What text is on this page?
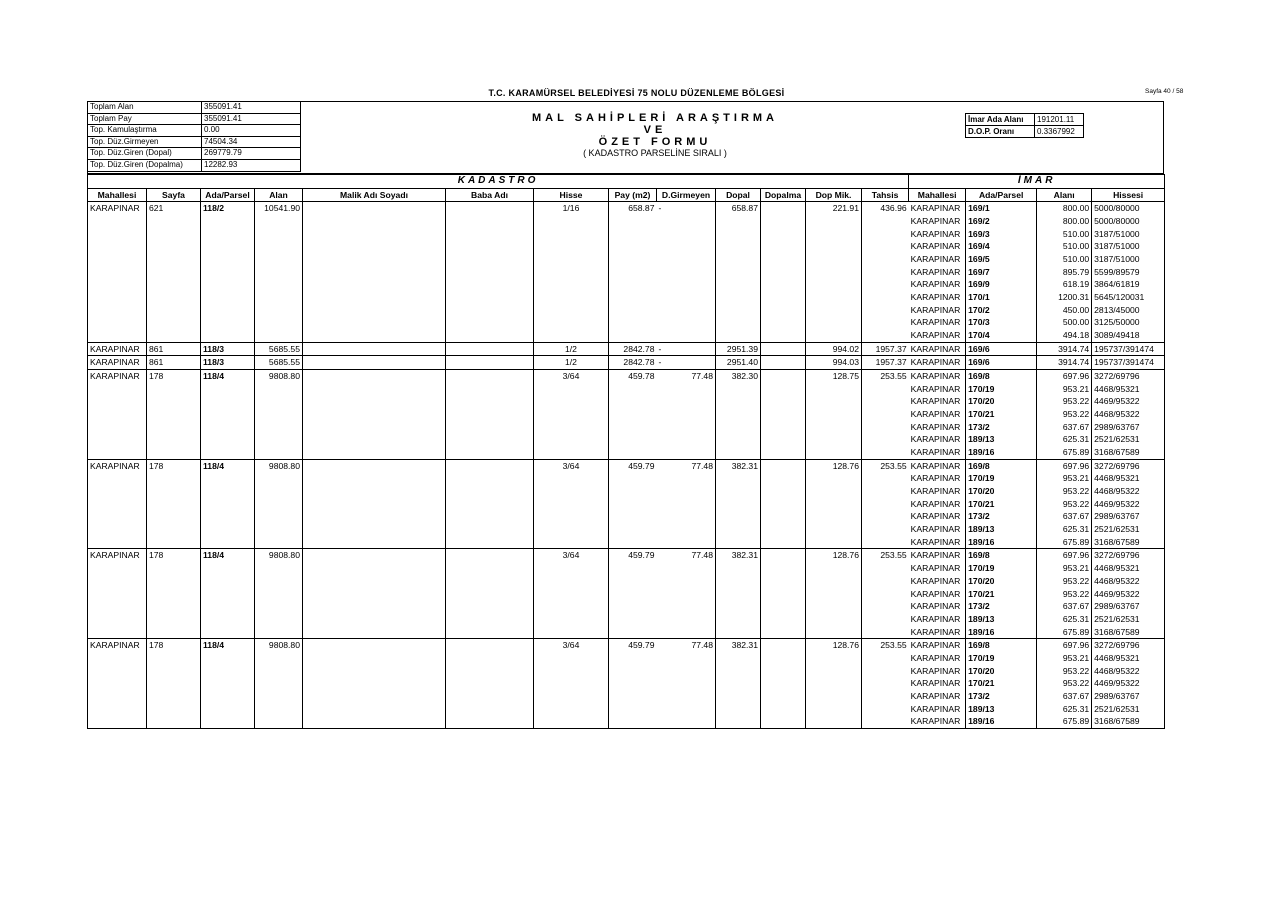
T.C. KARAMÜRSEL BELEDİYESİ 75 NOLU DÜZENLEME BÖLGESİ	Sayfa 40 / 58
Toplam Alan	355091.41
Toplam Pay	355091.41
Top. Kamulaştırma	0.00
Top. Düz.Girmeyen	74504.34
Top. Düz.Giren (Dopal)	269779.79
Top. Düz.Giren (Dopalma)	12282.93
MAL SAHİPLERİ ARAŞTIRMA
VE
ÖZET FORMU
( KADASTRO PARSELİNE SIRALI )
İmar Ada Alanı	191201.11
D.O.P. Oranı	0.3367992
KADASTRO													İMAR			
Mahallesi	Sayfa	Ada/Parsel	Alan	Malik Adı Soyadı	Baba Adı	Hisse	Pay (m2)	D.Girmeyen	Dopal	Dopalma	Dop Mik.	Tahsis	Mahallesi	Ada/Parsel	Alanı	Hissesi
KARAPINAR	621	118/2	10541.90			1/16	658.87	-	658.87		221.91	436.96	KARAPINAR	169/1	800.00	5000/80000
													KARAPINAR	169/2	800.00	5000/80000
													KARAPINAR	169/3	510.00	3187/51000
													KARAPINAR	169/4	510.00	3187/51000
													KARAPINAR	169/5	510.00	3187/51000
													KARAPINAR	169/7	895.79	5599/89579
													KARAPINAR	169/9	618.19	3864/61819
													KARAPINAR	170/1	1200.31	5645/120031
													KARAPINAR	170/2	450.00	2813/45000
													KARAPINAR	170/3	500.00	3125/50000
													KARAPINAR	170/4	494.18	3089/49418
KARAPINAR	861	118/3	5685.55			1/2	2842.78	-	2951.39		994.02	1957.37	KARAPINAR	169/6	3914.74	195737/391474
KARAPINAR	861	118/3	5685.55			1/2	2842.78	-	2951.40		994.03	1957.37	KARAPINAR	169/6	3914.74	195737/391474
KARAPINAR	178	118/4	9808.80			3/64	459.78	77.48	382.30		128.75	253.55	KARAPINAR	169/8	697.96	3272/69796
													KARAPINAR	170/19	953.21	4468/95321
													KARAPINAR	170/20	953.22	4469/95322
													KARAPINAR	170/21	953.22	4468/95322
													KARAPINAR	173/2	637.67	2989/63767
													KARAPINAR	189/13	625.31	2521/62531
													KARAPINAR	189/16	675.89	3168/67589
KARAPINAR	178	118/4	9808.80			3/64	459.79	77.48	382.31		128.76	253.55	KARAPINAR	169/8	697.96	3272/69796
													KARAPINAR	170/19	953.21	4468/95321
													KARAPINAR	170/20	953.22	4468/95322
													KARAPINAR	170/21	953.22	4469/95322
													KARAPINAR	173/2	637.67	2989/63767
													KARAPINAR	189/13	625.31	2521/62531
													KARAPINAR	189/16	675.89	3168/67589
KARAPINAR	178	118/4	9808.80			3/64	459.79	77.48	382.31		128.76	253.55	KARAPINAR	169/8	697.96	3272/69796
													KARAPINAR	170/19	953.21	4468/95321
													KARAPINAR	170/20	953.22	4468/95322
													KARAPINAR	170/21	953.22	4469/95322
													KARAPINAR	173/2	637.67	2989/63767
													KARAPINAR	189/13	625.31	2521/62531
													KARAPINAR	189/16	675.89	3168/67589
KARAPINAR	178	118/4	9808.80			3/64	459.79	77.48	382.31		128.76	253.55	KARAPINAR	169/8	697.96	3272/69796
													KARAPINAR	170/19	953.21	4468/95321
													KARAPINAR	170/20	953.22	4468/95322
													KARAPINAR	170/21	953.22	4469/95322
													KARAPINAR	173/2	637.67	2989/63767
													KARAPINAR	189/13	625.31	2521/62531
													KARAPINAR	189/16	675.89	3168/67589
